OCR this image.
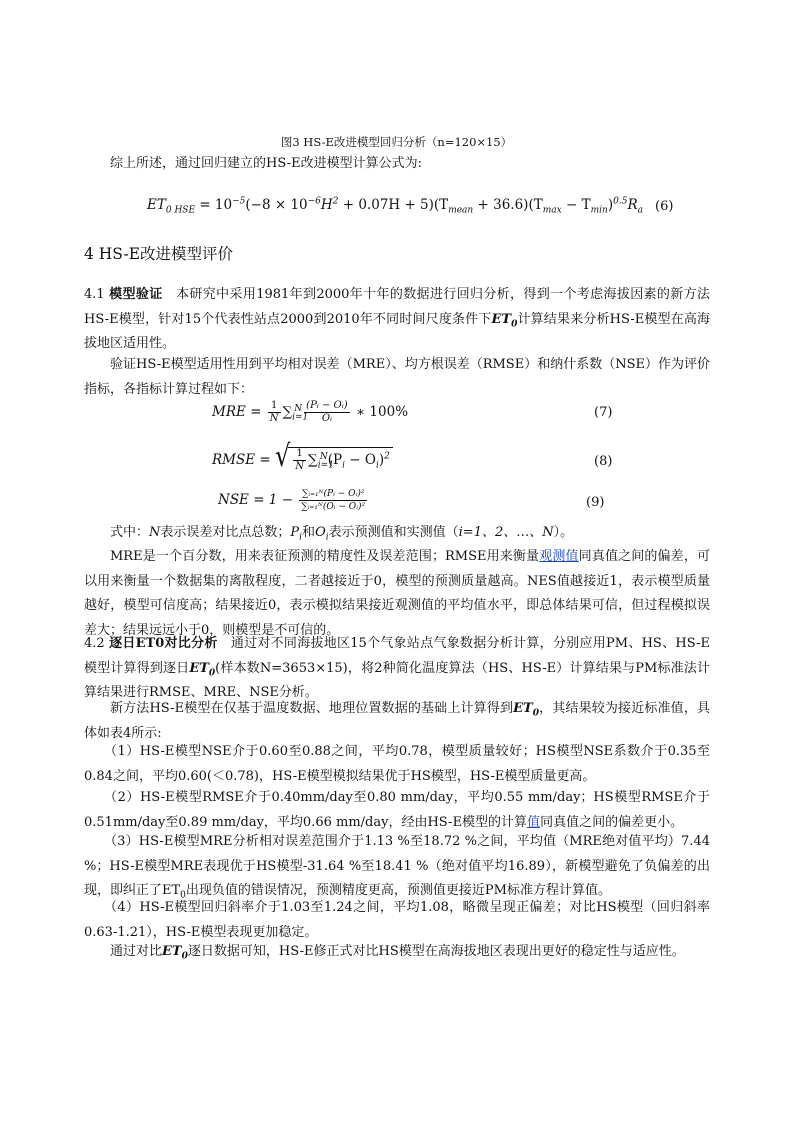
图3 HS-E改进模型回归分析（n=120×15）
综上所述，通过回归建立的HS-E改进模型计算公式为:
$ET_{0 HSE} = 10^{-5}(-8 \times 10^{-6}H^2 + 0.07H + 5)(T_{mean} + 36.6)(T_{max} - T_{min})^{0.5}R_a$ (6)
4 HS-E改进模型评价
4.1 模型验证 本研究中采用1981年到2000年十年的数据进行回归分析，得到一个考虑海拔因素的新方法HS-E模型，针对15个代表性站点2000到2010年不同时间尺度条件下$ET_0$计算结果来分析HS-E模型在高海拔地区适用性。
验证HS-E模型适用性用到平均相对误差（MRE）、均方根误差（RMSE）和纳什系数（NSE）作为评价指标，各指标计算过程如下：
MRE = $\frac{1}{N} \sum_{i=1}^N \frac{\text{(Pᵢ − Oᵢ)}}{\text{Oᵢ}}$ ∗ 100%	(7)
RMSE = √ $\frac{1}{N} \sum_{i=1}^N(P_i - O_i)^2$	(8)
NSE = $1 - \frac{\text{∑ᵢ₌₁ᴺ(Pᵢ − Oᵢ)²}}{\text{∑ᵢ₌₁ᴺ(Oᵢ − Ōᵢ)²}}$	(9)
式中：N表示误差对比点总数；$P_i$和$O_i$表示预测值和实测值（i=1、2、…、N）。
MRE是一个百分数，用来表征预测的精度性及误差范围；RMSE用来衡量观测值同真值之间的偏差，可以用来衡量一个数据集的离散程度，二者越接近于0，模型的预测质量越高。NES值越接近1，表示模型质量越好，模型可信度高；结果接近0，表示模拟结果接近观测值的平均值水平，即总体结果可信，但过程模拟误差大；结果远远小于0，则模型是不可信的。
4.2 逐日ET0对比分析 通过对不同海拔地区15个气象站点气象数据分析计算，分别应用PM、HS、HS-E模型计算得到逐日$ET_0$(样本数N=3653×15)，将2种简化温度算法（HS、HS-E）计算结果与PM标准法计算结果进行RMSE、MRE、NSE分析。
新方法HS-E模型在仅基于温度数据、地理位置数据的基础上计算得到$ET_0$，其结果较为接近标准值，具体如表4所示:
（1）HS-E模型NSE介于0.60至0.88之间，平均0.78，模型质量较好；HS模型NSE系数介于0.35至0.84之间，平均0.60(＜0.78)，HS-E模型模拟结果优于HS模型，HS-E模型质量更高。
（2）HS-E模型RMSE介于0.40mm/day至0.80 mm/day，平均0.55 mm/day；HS模型RMSE介于0.51mm/day至0.89 mm/day，平均0.66 mm/day，经由HS-E模型的计算值同真值之间的偏差更小。
（3）HS-E模型MRE分析相对误差范围介于1.13 %至18.72 %之间，平均值（MRE绝对值平均）7.44 %；HS-E模型MRE表现优于HS模型-31.64 %至18.41 %（绝对值平均16.89），新模型避免了负偏差的出现，即纠正了$ET_0$出现负值的错误情况，预测精度更高，预测值更接近PM标准方程计算值。
（4）HS-E模型回归斜率介于1.03至1.24之间，平均1.08，略微呈现正偏差；对比HS模型（回归斜率0.63-1.21），HS-E模型表现更加稳定。
通过对比$ET_0$逐日数据可知，HS-E修正式对比HS模型在高海拔地区表现出更好的稳定性与适应性。
